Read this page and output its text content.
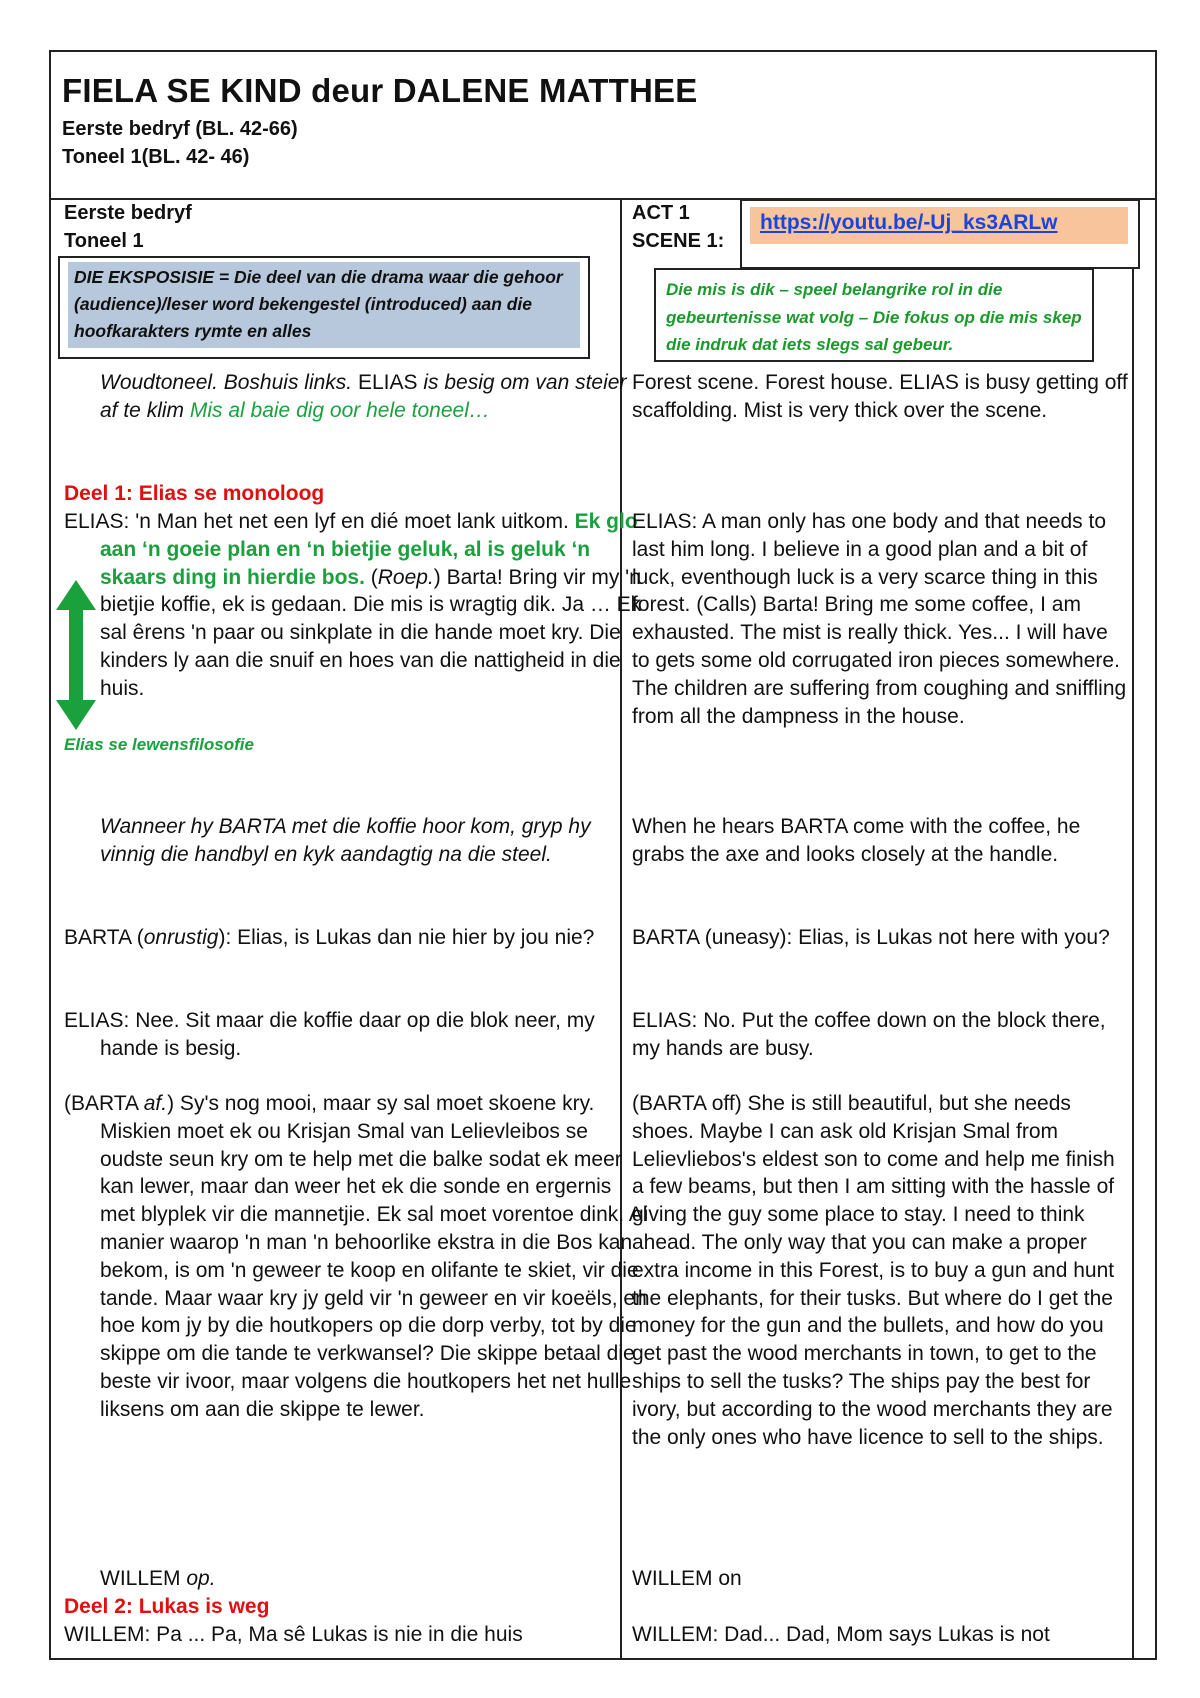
FIELA SE KIND deur DALENE MATTHEE
Eerste bedryf (BL. 42-66)
Toneel 1(BL. 42- 46)
Eerste bedryf
Toneel 1
ACT 1
SCENE 1:
https://youtu.be/-Uj_ks3ARLw
DIE EKSPOSISIE = Die deel van die drama waar die gehoor (audience)/leser word bekengestel (introduced) aan die hoofkarakters rymte en alles
Die mis is dik – speel belangrike rol in die gebeurtenisse wat volg – Die fokus op die mis skep die indruk dat iets slegs sal gebeur.
Woudtoneel. Boshuis links. ELIAS is besig om van steier af te klim Mis al baie dig oor hele toneel…
Deel 1: Elias se monoloog
ELIAS: 'n Man het net een lyf en dié moet lank uitkom. Ek glo aan ‘n goeie plan en ‘n bietjie geluk, al is geluk ‘n skaars ding in hierdie bos. (Roep.) Barta! Bring vir my 'n bietjie koffie, ek is gedaan. Die mis is wragtig dik. Ja … Ek sal êrens 'n paar ou sinkplate in die hande moet kry. Die kinders ly aan die snuif en hoes van die nattigheid in die huis.
Elias se lewensfilosofie
Wanneer hy BARTA met die koffie hoor kom, gryp hy vinnig die handbyl en kyk aandagtig na die steel.
BARTA (onrustig): Elias, is Lukas dan nie hier by jou nie?
ELIAS: Nee. Sit maar die koffie daar op die blok neer, my hande is besig.
(BARTA af.) Sy's nog mooi, maar sy sal moet skoene kry. Miskien moet ek ou Krisjan Smal van Lelievleibos se oudste seun kry om te help met die balke sodat ek meer kan lewer, maar dan weer het ek die sonde en ergernis met blyplek vir die mannetjie. Ek sal moet vorentoe dink. Al manier waarop 'n man 'n behoorlike ekstra in die Bos kan bekom, is om 'n geweer te koop en olifante te skiet, vir die tande. Maar waar kry jy geld vir 'n geweer en vir koeëls, en hoe kom jy by die houtkopers op die dorp verby, tot by die skippe om die tande te verkwansel? Die skippe betaal die beste vir ivoor, maar volgens die houtkopers het net hulle liksens om aan die skippe te lewer.
WILLEM op.
Deel 2: Lukas is weg
WILLEM: Pa ... Pa, Ma sê Lukas is nie in die huis
Forest scene. Forest house. ELIAS is busy getting off scaffolding. Mist is very thick over the scene.
ELIAS: A man only has one body and that needs to last him long. I believe in a good plan and a bit of luck, eventhough luck is a very scarce thing in this forest. (Calls) Barta! Bring me some coffee, I am exhausted. The mist is really thick. Yes... I will have to gets some old corrugated iron pieces somewhere. The children are suffering from coughing and sniffling from all the dampness in the house.
When he hears BARTA come with the coffee, he grabs the axe and looks closely at the handle.
BARTA (uneasy): Elias, is Lukas not here with you?
ELIAS: No. Put the coffee down on the block there, my hands are busy.
(BARTA off) She is still beautiful, but she needs shoes. Maybe I can ask old Krisjan Smal from Lelievliebos's eldest son to come and help me finish a few beams, but then I am sitting with the hassle of giving the guy some place to stay. I need to think ahead. The only way that you can make a proper extra income in this Forest, is to buy a gun and hunt the elephants, for their tusks. But where do I get the money for the gun and the bullets, and how do you get past the wood merchants in town, to get to the ships to sell the tusks? The ships pay the best for ivory, but according to the wood merchants they are the only ones who have licence to sell to the ships.
WILLEM on
WILLEM: Dad... Dad, Mom says Lukas is not
